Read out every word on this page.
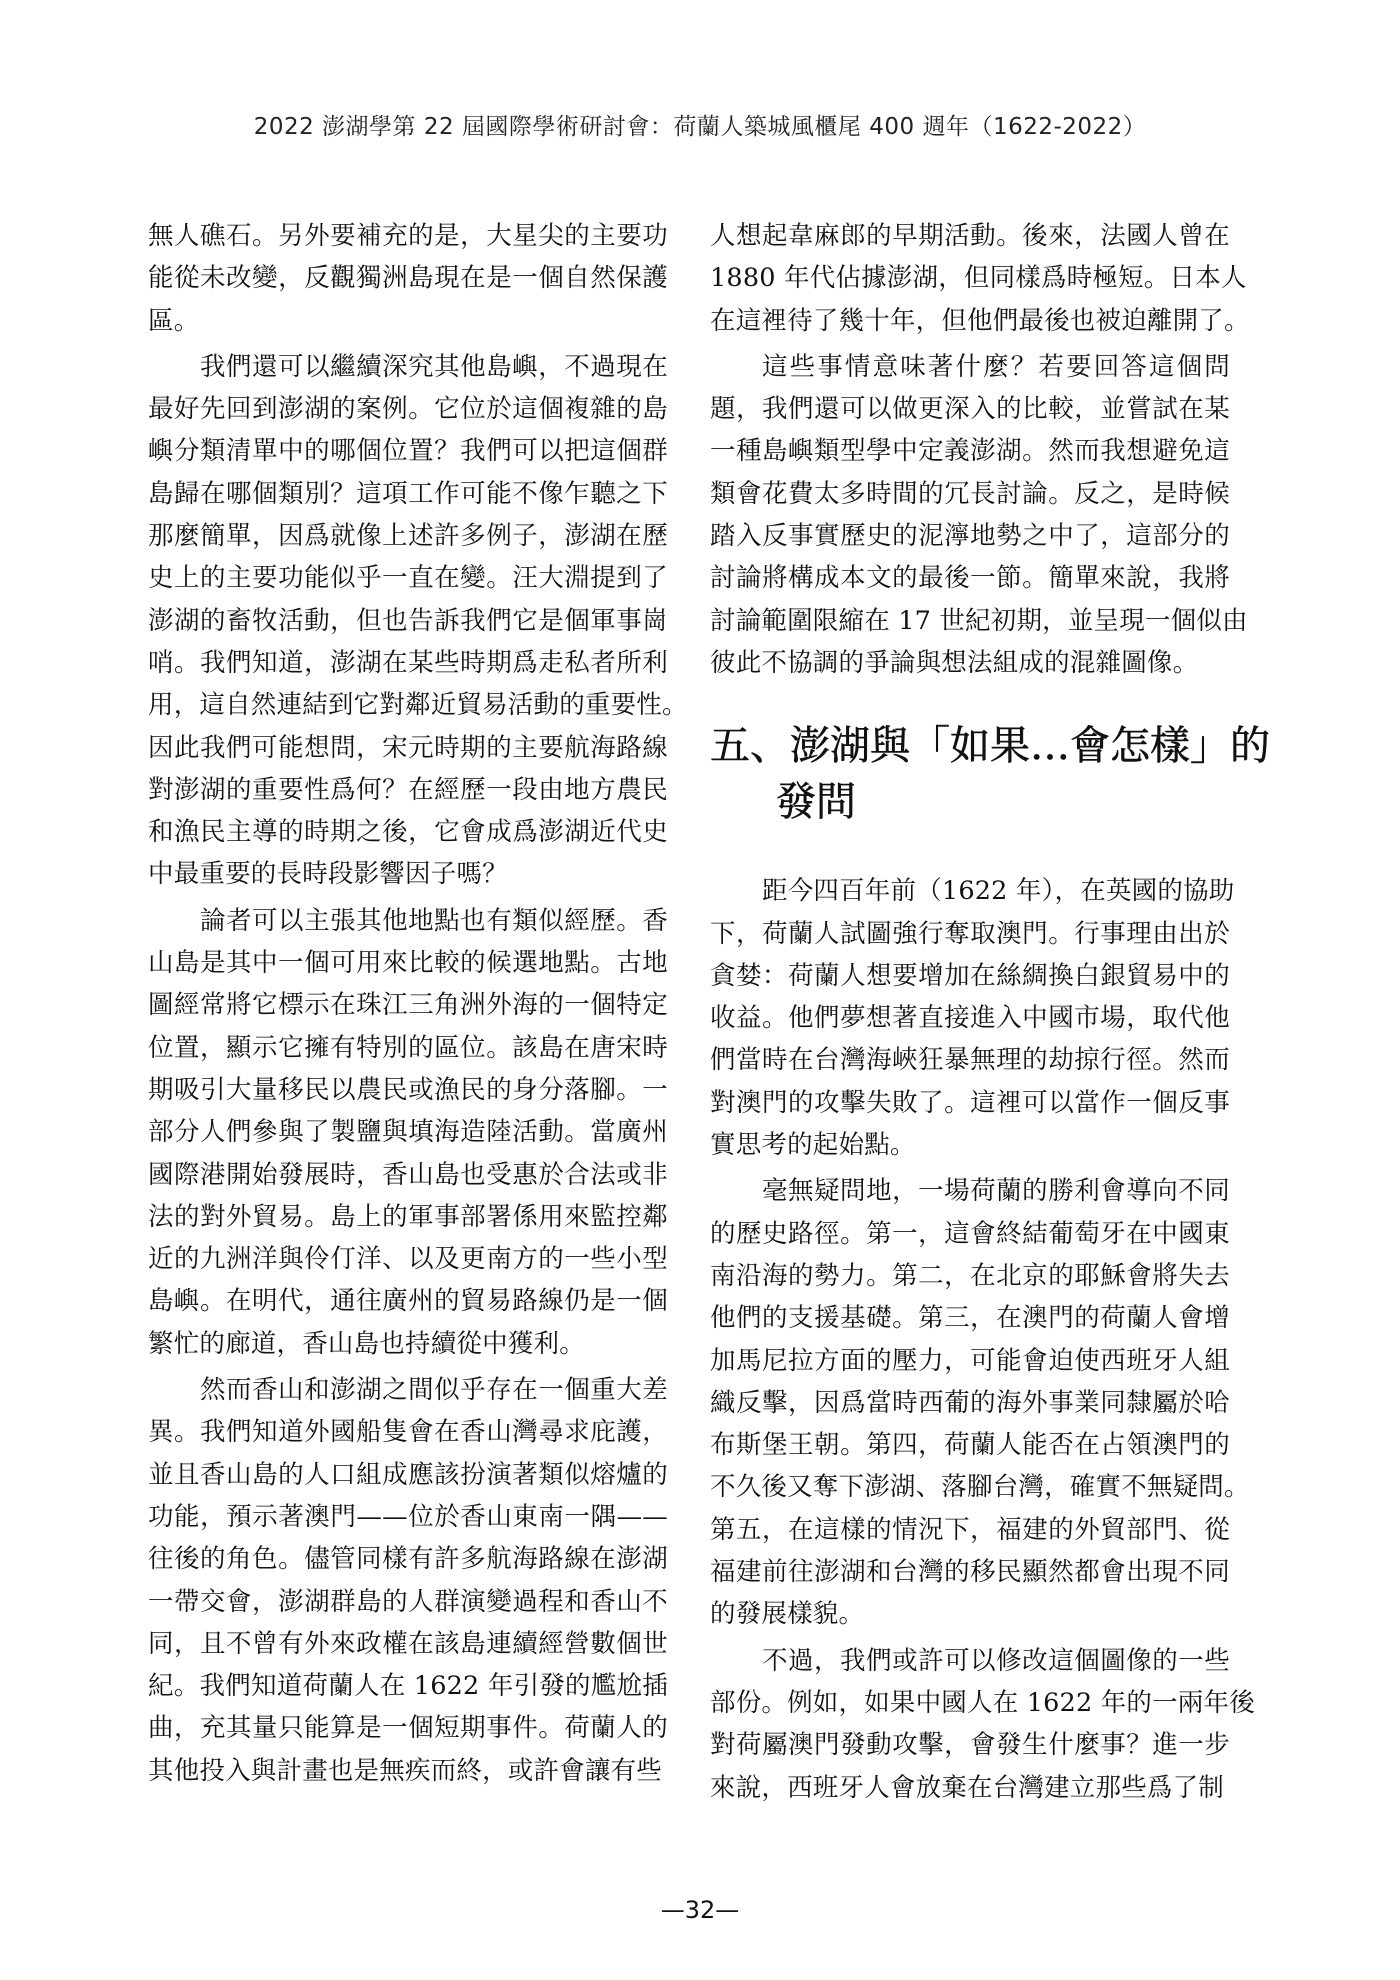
2022 澎湖學第 22 屆國際學術研討會：荷蘭人築城風櫃尾 400 週年（1622-2022）
無人礁石。另外要補充的是，大星尖的主要功
能從未改變，反觀獨洲島現在是一個自然保護
區。
我們還可以繼續深究其他島嶼，不過現在
最好先回到澎湖的案例。它位於這個複雜的島
嶼分類清單中的哪個位置？我們可以把這個群
島歸在哪個類別？這項工作可能不像乍聽之下
那麼簡單，因爲就像上述許多例子，澎湖在歷
史上的主要功能似乎一直在變。汪大淵提到了
澎湖的畜牧活動，但也告訴我們它是個軍事崗
哨。我們知道，澎湖在某些時期爲走私者所利
用，這自然連結到它對鄰近貿易活動的重要性。
因此我們可能想問，宋元時期的主要航海路線
對澎湖的重要性爲何？在經歷一段由地方農民
和漁民主導的時期之後，它會成爲澎湖近代史
中最重要的長時段影響因子嗎？
論者可以主張其他地點也有類似經歷。香
山島是其中一個可用來比較的候選地點。古地
圖經常將它標示在珠江三角洲外海的一個特定
位置，顯示它擁有特別的區位。該島在唐宋時
期吸引大量移民以農民或漁民的身分落腳。一
部分人們參與了製鹽與填海造陸活動。當廣州
國際港開始發展時，香山島也受惠於合法或非
法的對外貿易。島上的軍事部署係用來監控鄰
近的九洲洋與伶仃洋、以及更南方的一些小型
島嶼。在明代，通往廣州的貿易路線仍是一個
繁忙的廊道，香山島也持續從中獲利。
然而香山和澎湖之間似乎存在一個重大差
異。我們知道外國船隻會在香山灣尋求庇護，
並且香山島的人口組成應該扮演著類似熔爐的
功能，預示著澳門——位於香山東南一隅——
往後的角色。儘管同樣有許多航海路線在澎湖
一帶交會，澎湖群島的人群演變過程和香山不
同，且不曾有外來政權在該島連續經營數個世
紀。我們知道荷蘭人在 1622 年引發的尷尬插
曲，充其量只能算是一個短期事件。荷蘭人的
其他投入與計畫也是無疾而終，或許會讓有些
人想起韋麻郎的早期活動。後來，法國人曾在
1880 年代佔據澎湖，但同樣爲時極短。日本人
在這裡待了幾十年，但他們最後也被迫離開了。
這些事情意味著什麼？若要回答這個問
題，我們還可以做更深入的比較，並嘗試在某
一種島嶼類型學中定義澎湖。然而我想避免這
類會花費太多時間的冗長討論。反之，是時候
踏入反事實歷史的泥濘地勢之中了，這部分的
討論將構成本文的最後一節。簡單來說，我將
討論範圍限縮在 17 世紀初期，並呈現一個似由
彼此不協調的爭論與想法組成的混雜圖像。
五、澎湖與「如果…會怎樣」的
發問
距今四百年前（1622 年），在英國的協助
下，荷蘭人試圖強行奪取澳門。行事理由出於
貪婪：荷蘭人想要增加在絲綢換白銀貿易中的
收益。他們夢想著直接進入中國市場，取代他
們當時在台灣海峽狂暴無理的劫掠行徑。然而
對澳門的攻擊失敗了。這裡可以當作一個反事
實思考的起始點。
毫無疑問地，一場荷蘭的勝利會導向不同
的歷史路徑。第一，這會終結葡萄牙在中國東
南沿海的勢力。第二，在北京的耶穌會將失去
他們的支援基礎。第三，在澳門的荷蘭人會增
加馬尼拉方面的壓力，可能會迫使西班牙人組
織反擊，因爲當時西葡的海外事業同隸屬於哈
布斯堡王朝。第四，荷蘭人能否在占領澳門的
不久後又奪下澎湖、落腳台灣，確實不無疑問。
第五，在這樣的情況下，福建的外貿部門、從
福建前往澎湖和台灣的移民顯然都會出現不同
的發展樣貌。
不過，我們或許可以修改這個圖像的一些
部份。例如，如果中國人在 1622 年的一兩年後
對荷屬澳門發動攻擊，會發生什麼事？進一步
來說，西班牙人會放棄在台灣建立那些爲了制
—32—
